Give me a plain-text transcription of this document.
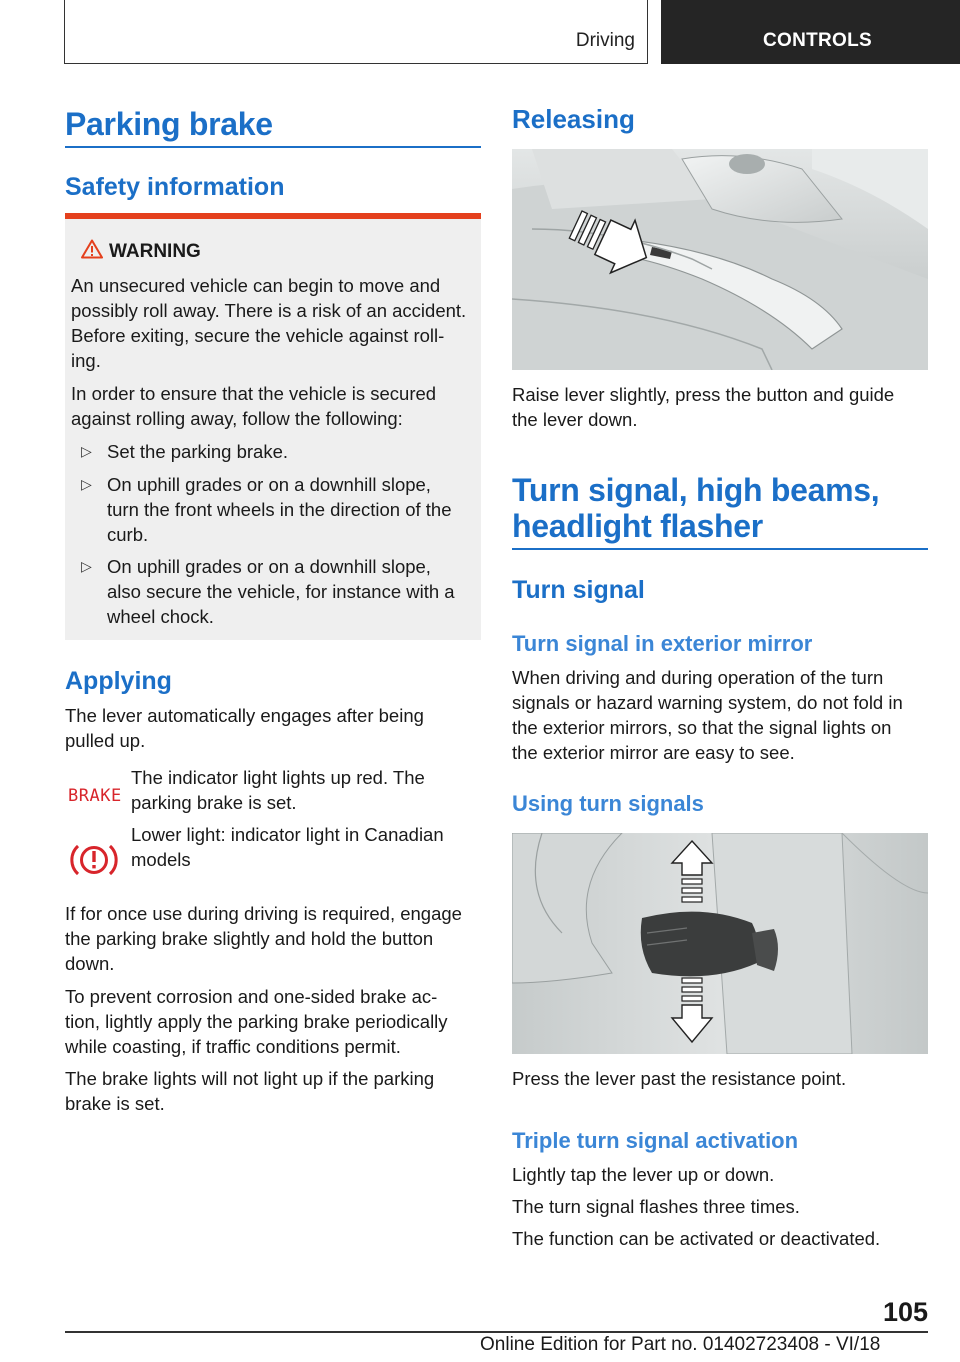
Driving	CONTROLS
Parking brake
Safety information
WARNING

An unsecured vehicle can begin to move and

possibly roll away. There is a risk of an accident.

Before exiting, secure the vehicle against roll-

ing.

In order to ensure that the vehicle is secured

against rolling away, follow the following:

▷ Set the parking brake.
▷ On uphill grades or on a downhill slope,
turn the front wheels in the direction of the
curb.
▷ On uphill grades or on a downhill slope,
also secure the vehicle, for instance with a
wheel chock.
Applying

The lever automatically engages after being

pulled up.

BRAKE

The indicator light lights up red. The

parking brake is set.

Lower light: indicator light in Canadian

models

If for once use during driving is required, engage

the parking brake slightly and hold the button

down.

To prevent corrosion and one-sided brake ac-

tion, lightly apply the parking brake periodically

while coasting, if traffic conditions permit.

The brake lights will not light up if the parking

brake is set.

Releasing

Raise lever slightly, press the button and guide

the lever down.

Turn signal, high beams,
headlight flasher
Turn signal
Turn signal in exterior mirror

When driving and during operation of the turn

signals or hazard warning system, do not fold in

the exterior mirrors, so that the signal lights on

the exterior mirror are easy to see.

Using turn signals

Press the lever past the resistance point.

Triple turn signal activation

Lightly tap the lever up or down.

The turn signal flashes three times.

The function can be activated or deactivated.

105
Online Edition for Part no. 01402723408 - VI/18
